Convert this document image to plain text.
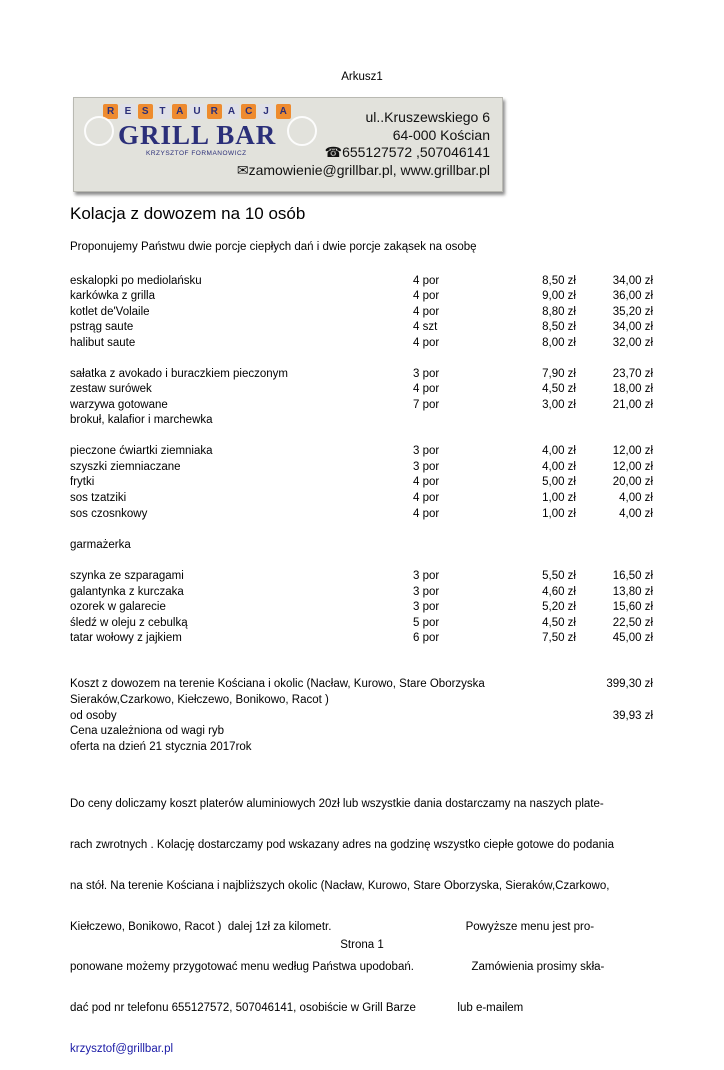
Arkusz1
R	E	S	T	A	U	R	A	C	J	A
GRILL BAR
KRZYSZTOF FORMANOWICZ
ul..Kruszewskiego 6
64-000 Kościan
☎655127572 ,507046141
✉zamowienie@grillbar.pl, www.grillbar.pl
Kolacja z dowozem na 10 osób
Proponujemy Państwu dwie porcje ciepłych dań i dwie porcje zakąsek na osobę
eskalopki po mediolańsku	4 por	8,50 zł	34,00 zł
karkówka z grilla	4 por	9,00 zł	36,00 zł
kotlet de'Volaile	4 por	8,80 zł	35,20 zł
pstrąg saute	4 szt	8,50 zł	34,00 zł
halibut saute	4 por	8,00 zł	32,00 zł
sałatka z avokado i buraczkiem pieczonym	3 por	7,90 zł	23,70 zł
zestaw surówek	4 por	4,50 zł	18,00 zł
warzywa gotowane	7 por	3,00 zł	21,00 zł
brokuł, kalafior i marchewka
pieczone ćwiartki ziemniaka	3 por	4,00 zł	12,00 zł
szyszki ziemniaczane	3 por	4,00 zł	12,00 zł
frytki	4 por	5,00 zł	20,00 zł
sos tzatziki	4 por	1,00 zł	4,00 zł
sos czosnkowy	4 por	1,00 zł	4,00 zł
garmażerka
szynka ze szparagami	3 por	5,50 zł	16,50 zł
galantynka z kurczaka	3 por	4,60 zł	13,80 zł
ozorek w galarecie	3 por	5,20 zł	15,60 zł
śledź w oleju z cebulką	5 por	4,50 zł	22,50 zł
tatar wołowy z jajkiem	6 por	7,50 zł	45,00 zł
Koszt z dowozem na terenie Kościana i okolic (Nacław, Kurowo, Stare Oborzyska	399,30 zł
Sieraków,Czarkowo, Kiełczewo, Bonikowo, Racot )
od osoby	39,93 zł
Cena uzależniona od wagi ryb
oferta na dzień 21 stycznia 2017rok

Do ceny doliczamy koszt platerów aluminiowych 20zł lub wszystkie dania dostarczamy na naszych plate-

rach zwrotnych . Kolację dostarczamy pod wskazany adres na godzinę wszystko ciepłe gotowe do podania

na stół. Na terenie Kościana i najbliższych okolic (Nacław, Kurowo, Stare Oborzyska, Sieraków,Czarkowo,

Kiełczewo, Bonikowo, Racot )  dalej 1zł za kilometr.                                          Powyższe menu jest pro-

ponowane możemy przygotować menu według Państwa upodobań.                  Zamówienia prosimy skła-

dać pod nr telefonu 655127572, 507046141, osobiście w Grill Barze             lub e-mailem

krzysztof@grillbar.pl

Strona 1
